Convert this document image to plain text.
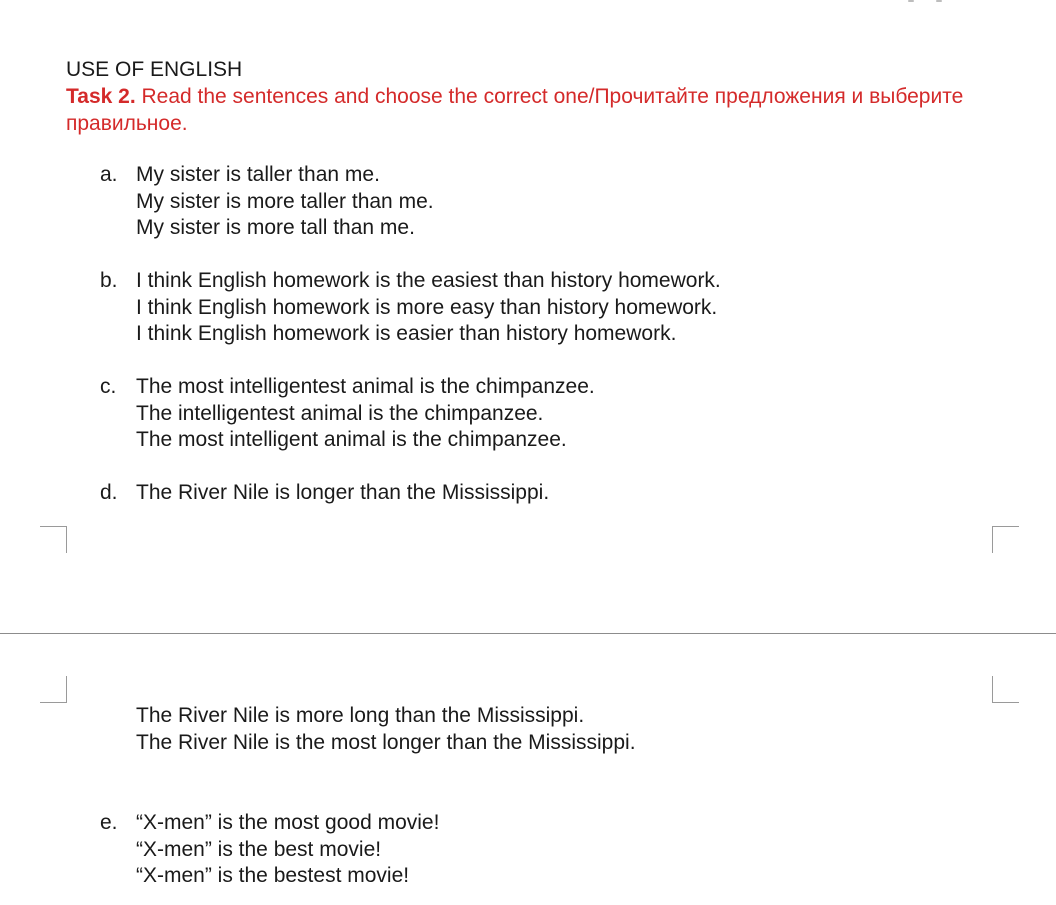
USE OF ENGLISH

Task 2. Read the sentences and choose the correct one/Прочитайте предложения и выберите правильное.

a. My sister is taller than me.
My sister is more taller than me.
My sister is more tall than me.
b. I think English homework is the easiest than history homework.
I think English homework is more easy than history homework.
I think English homework is easier than history homework.
c. The most intelligentest animal is the chimpanzee.
The intelligentest animal is the chimpanzee.
The most intelligent animal is the chimpanzee.
d. The River Nile is longer than the Mississippi.
The River Nile is more long than the Mississippi.
The River Nile is the most longer than the Mississippi.
e. “X-men” is the most good movie!
“X-men” is the best movie!
“X-men” is the bestest movie!
